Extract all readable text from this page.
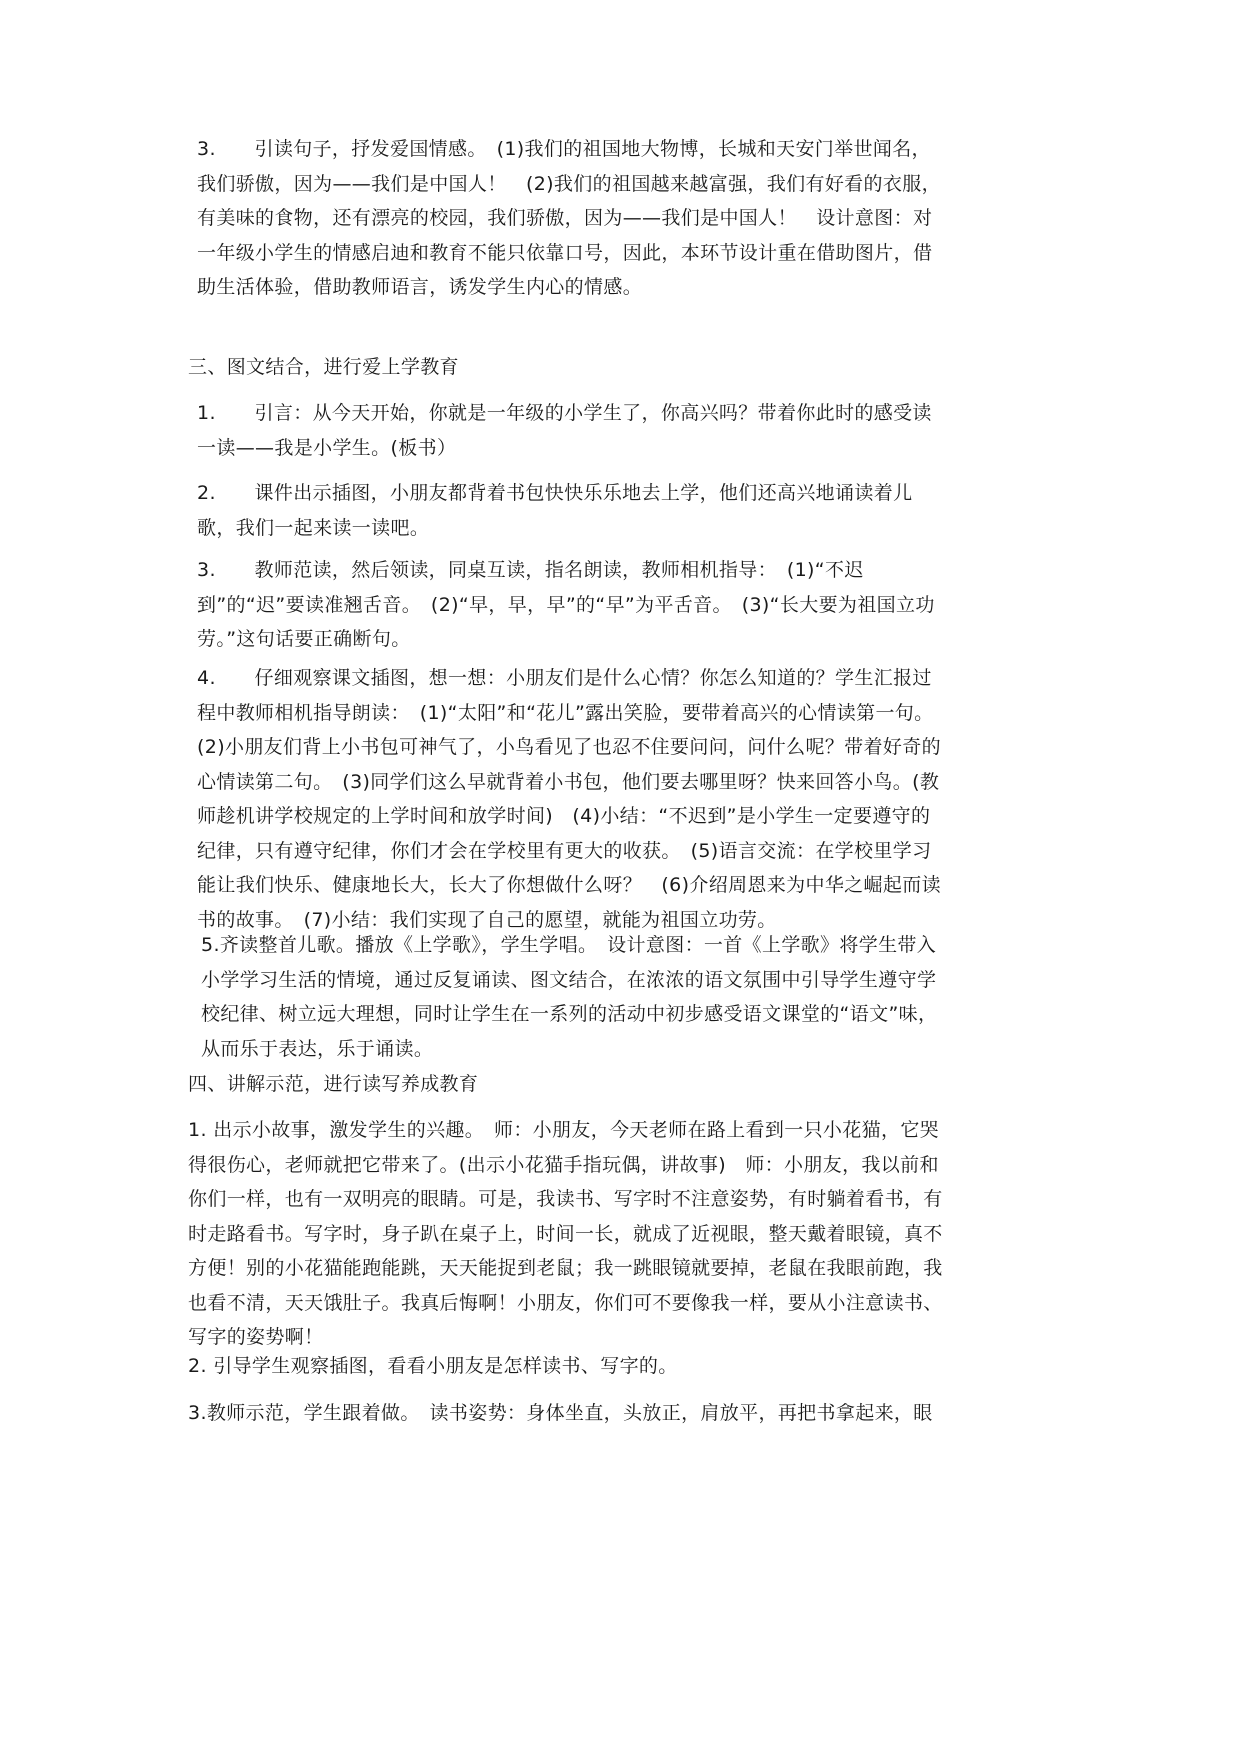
3.　　引读句子，抒发爱国情感。　(1)我们的祖国地大物博，长城和天安门举世闻名，我们骄傲，因为——我们是中国人！　(2)我们的祖国越来越富强，我们有好看的衣服，有美味的食物，还有漂亮的校园，我们骄傲，因为——我们是中国人！　设计意图：对一年级小学生的情感启迪和教育不能只依靠口号，因此，本环节设计重在借助图片，借助生活体验，借助教师语言，诱发学生内心的情感。
三、图文结合，进行爱上学教育
1.　　引言：从今天开始，你就是一年级的小学生了，你高兴吗？带着你此时的感受读一读——我是小学生。(板书）
2.　　课件出示插图，小朋友都背着书包快快乐乐地去上学，他们还高兴地诵读着儿歌，我们一起来读一读吧。
3.　　教师范读，然后领读，同桌互读，指名朗读，教师相机指导：　(1)“不迟到”的“迟”要读准翘舌音。　(2)“早，早，早”的“早”为平舌音。　(3)“长大要为祖国立功劳。”这句话要正确断句。
4.　　仔细观察课文插图，想一想：小朋友们是什么心情？你怎么知道的？学生汇报过程中教师相机指导朗读：　(1)“太阳”和“花儿”露出笑脸，要带着高兴的心情读第一句。(2)小朋友们背上小书包可神气了，小鸟看见了也忍不住要问问，问什么呢？带着好奇的心情读第二句。　(3)同学们这么早就背着小书包，他们要去哪里呀？快来回答小鸟。(教师趁机讲学校规定的上学时间和放学时间)　(4)小结：“不迟到”是小学生一定要遵守的纪律，只有遵守纪律，你们才会在学校里有更大的收获。　(5)语言交流：在学校里学习能让我们快乐、健康地长大，长大了你想做什么呀？　(6)介绍周恩来为中华之崛起而读书的故事。　(7)小结：我们实现了自己的愿望，就能为祖国立功劳。
5.齐读整首儿歌。播放《上学歌》，学生学唱。　设计意图：一首《上学歌》将学生带入小学学习生活的情境，通过反复诵读、图文结合，在浓浓的语文氛围中引导学生遵守学校纪律、树立远大理想，同时让学生在一系列的活动中初步感受语文课堂的“语文”味，从而乐于表达，乐于诵读。
四、讲解示范，进行读写养成教育
1. 出示小故事，激发学生的兴趣。　师：小朋友，今天老师在路上看到一只小花猫，它哭得很伤心，老师就把它带来了。(出示小花猫手指玩偶，讲故事)　师：小朋友，我以前和你们一样，也有一双明亮的眼睛。可是，我读书、写字时不注意姿势，有时躺着看书，有时走路看书。写字时，身子趴在桌子上，时间一长，就成了近视眼，整天戴着眼镜，真不方便！别的小花猫能跑能跳，天天能捉到老鼠；我一跳眼镜就要掉，老鼠在我眼前跑，我也看不清，天天饿肚子。我真后悔啊！小朋友，你们可不要像我一样，要从小注意读书、写字的姿势啊！
2. 引导学生观察插图，看看小朋友是怎样读书、写字的。
3.教师示范，学生跟着做。　读书姿势：身体坐直，头放正，肩放平，再把书拿起来，眼
